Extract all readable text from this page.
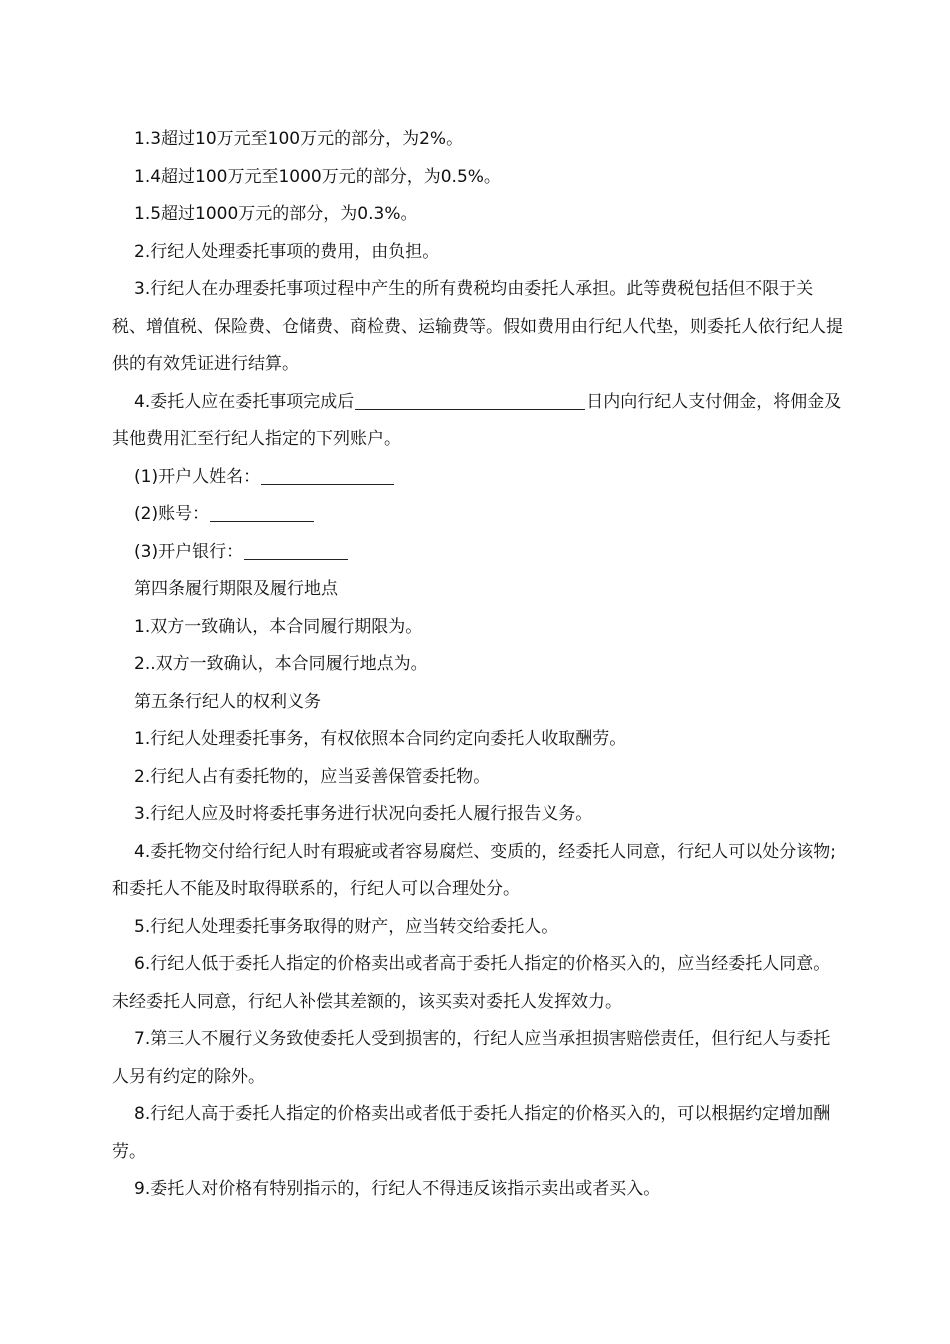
1.3超过10万元至100万元的部分，为2%。

1.4超过100万元至1000万元的部分，为0.5%。

1.5超过1000万元的部分，为0.3%。

2.行纪人处理委托事项的费用，由负担。

3.行纪人在办理委托事项过程中产生的所有费税均由委托人承担。此等费税包括但不限于关税、增值税、保险费、仓储费、商检费、运输费等。假如费用由行纪人代垫，则委托人依行纪人提供的有效凭证进行结算。

4.委托人应在委托事项完成后	日内向行纪人支付佣金，将佣金及其他费用汇至行纪人指定的下列账户。

(1)开户人姓名：

(2)账号：

(3)开户银行：

第四条履行期限及履行地点

1.双方一致确认，本合同履行期限为。

2..双方一致确认，本合同履行地点为。

第五条行纪人的权利义务

1.行纪人处理委托事务，有权依照本合同约定向委托人收取酬劳。

2.行纪人占有委托物的，应当妥善保管委托物。

3.行纪人应及时将委托事务进行状况向委托人履行报告义务。

4.委托物交付给行纪人时有瑕疵或者容易腐烂、变质的，经委托人同意，行纪人可以处分该物;和委托人不能及时取得联系的，行纪人可以合理处分。

5.行纪人处理委托事务取得的财产，应当转交给委托人。

6.行纪人低于委托人指定的价格卖出或者高于委托人指定的价格买入的，应当经委托人同意。未经委托人同意，行纪人补偿其差额的，该买卖对委托人发挥效力。

7.第三人不履行义务致使委托人受到损害的，行纪人应当承担损害赔偿责任，但行纪人与委托人另有约定的除外。

8.行纪人高于委托人指定的价格卖出或者低于委托人指定的价格买入的，可以根据约定增加酬劳。

9.委托人对价格有特别指示的，行纪人不得违反该指示卖出或者买入。
